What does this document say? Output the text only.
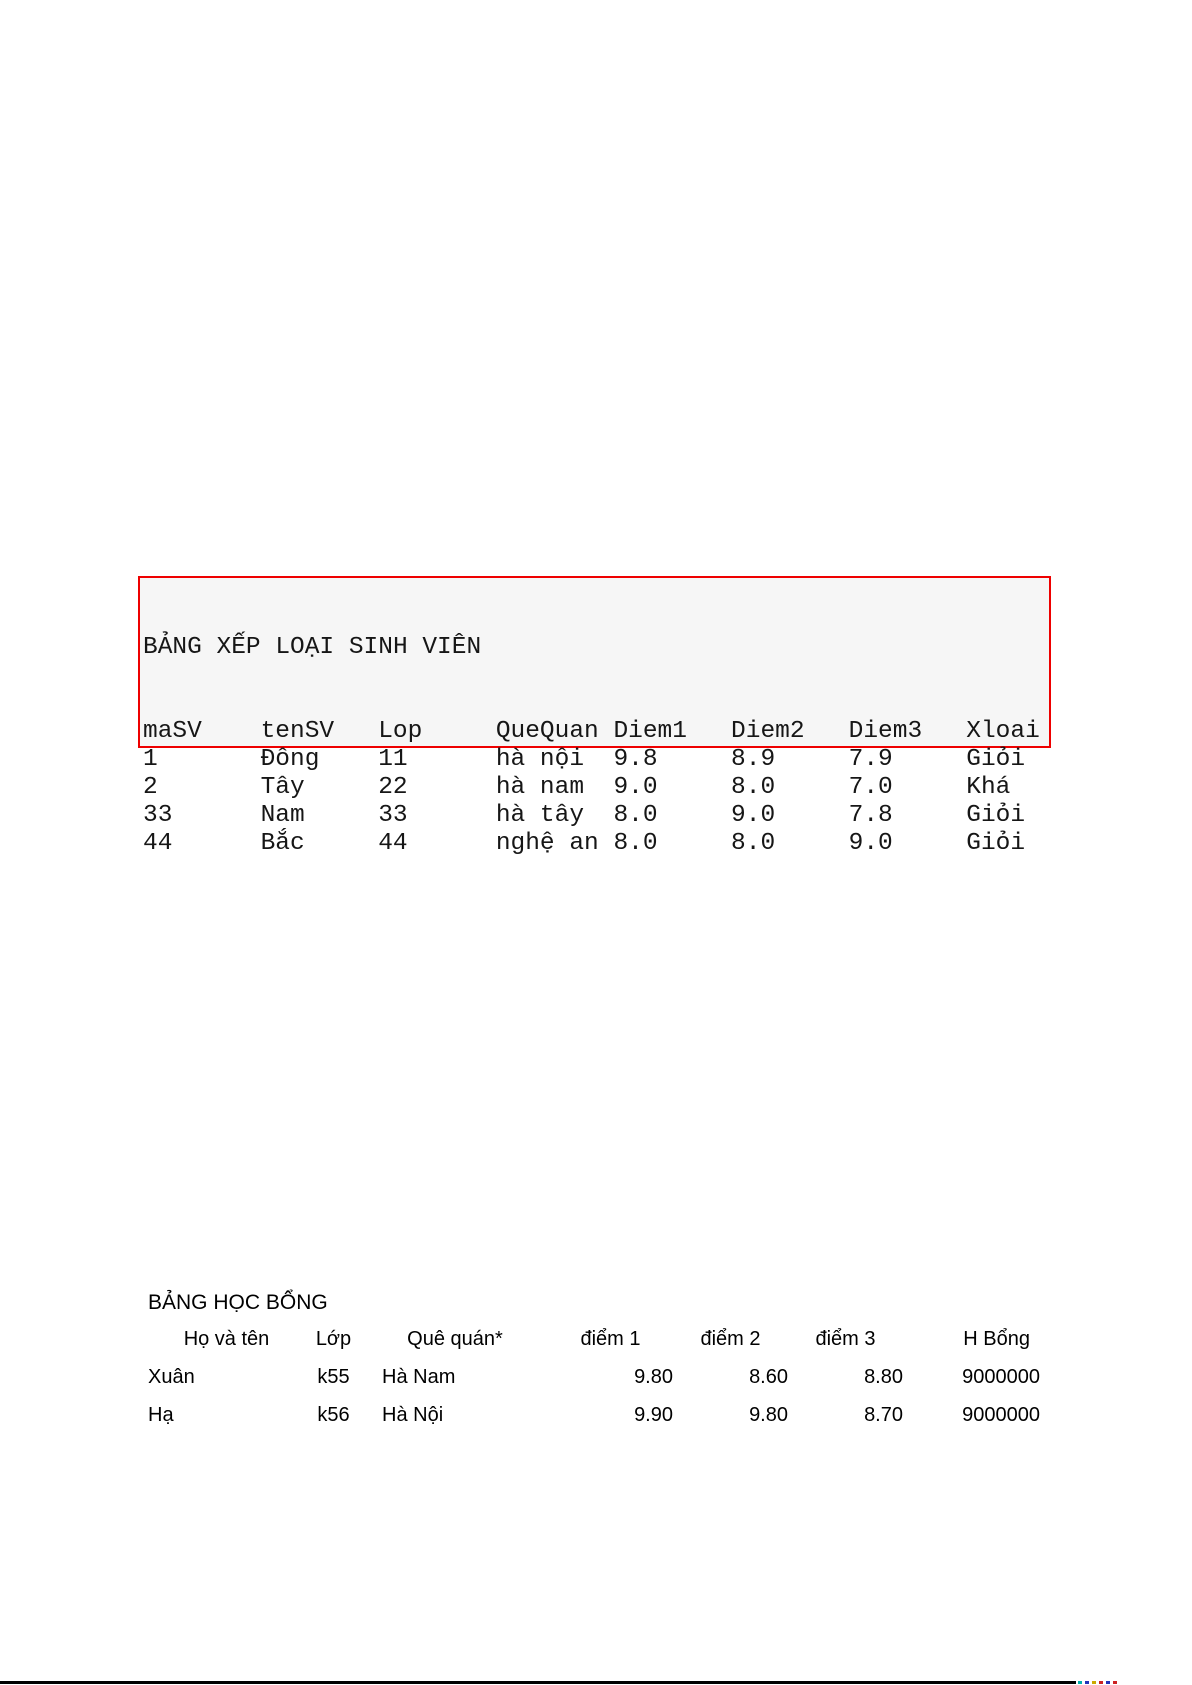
BẢNG XẾP LOẠI SINH VIÊN

maSV tenSV Lop	QueQuan Diem1 Diem2 Diem3 Xloai
1	Đông 11	hà nội 9.8	8.9	7.9	Giỏi
2	Tây	22	hà nam 9.0	8.0	7.0	Khá
33	Nam	33	hà tây 8.0	9.0	7.8	Giỏi
44	Bắc	44	nghệ an 8.0	8.0	9.0	Giỏi

BẢNG HỌC BỔNG
Họ và tên	Lớp	Quê quán*	điểm 1	điểm 2	điểm 3	H Bổng
Xuân	k55	Hà Nam	9.80	8.60	8.80	9000000
Hạ	k56	Hà Nội	9.90	9.80	8.70	9000000
